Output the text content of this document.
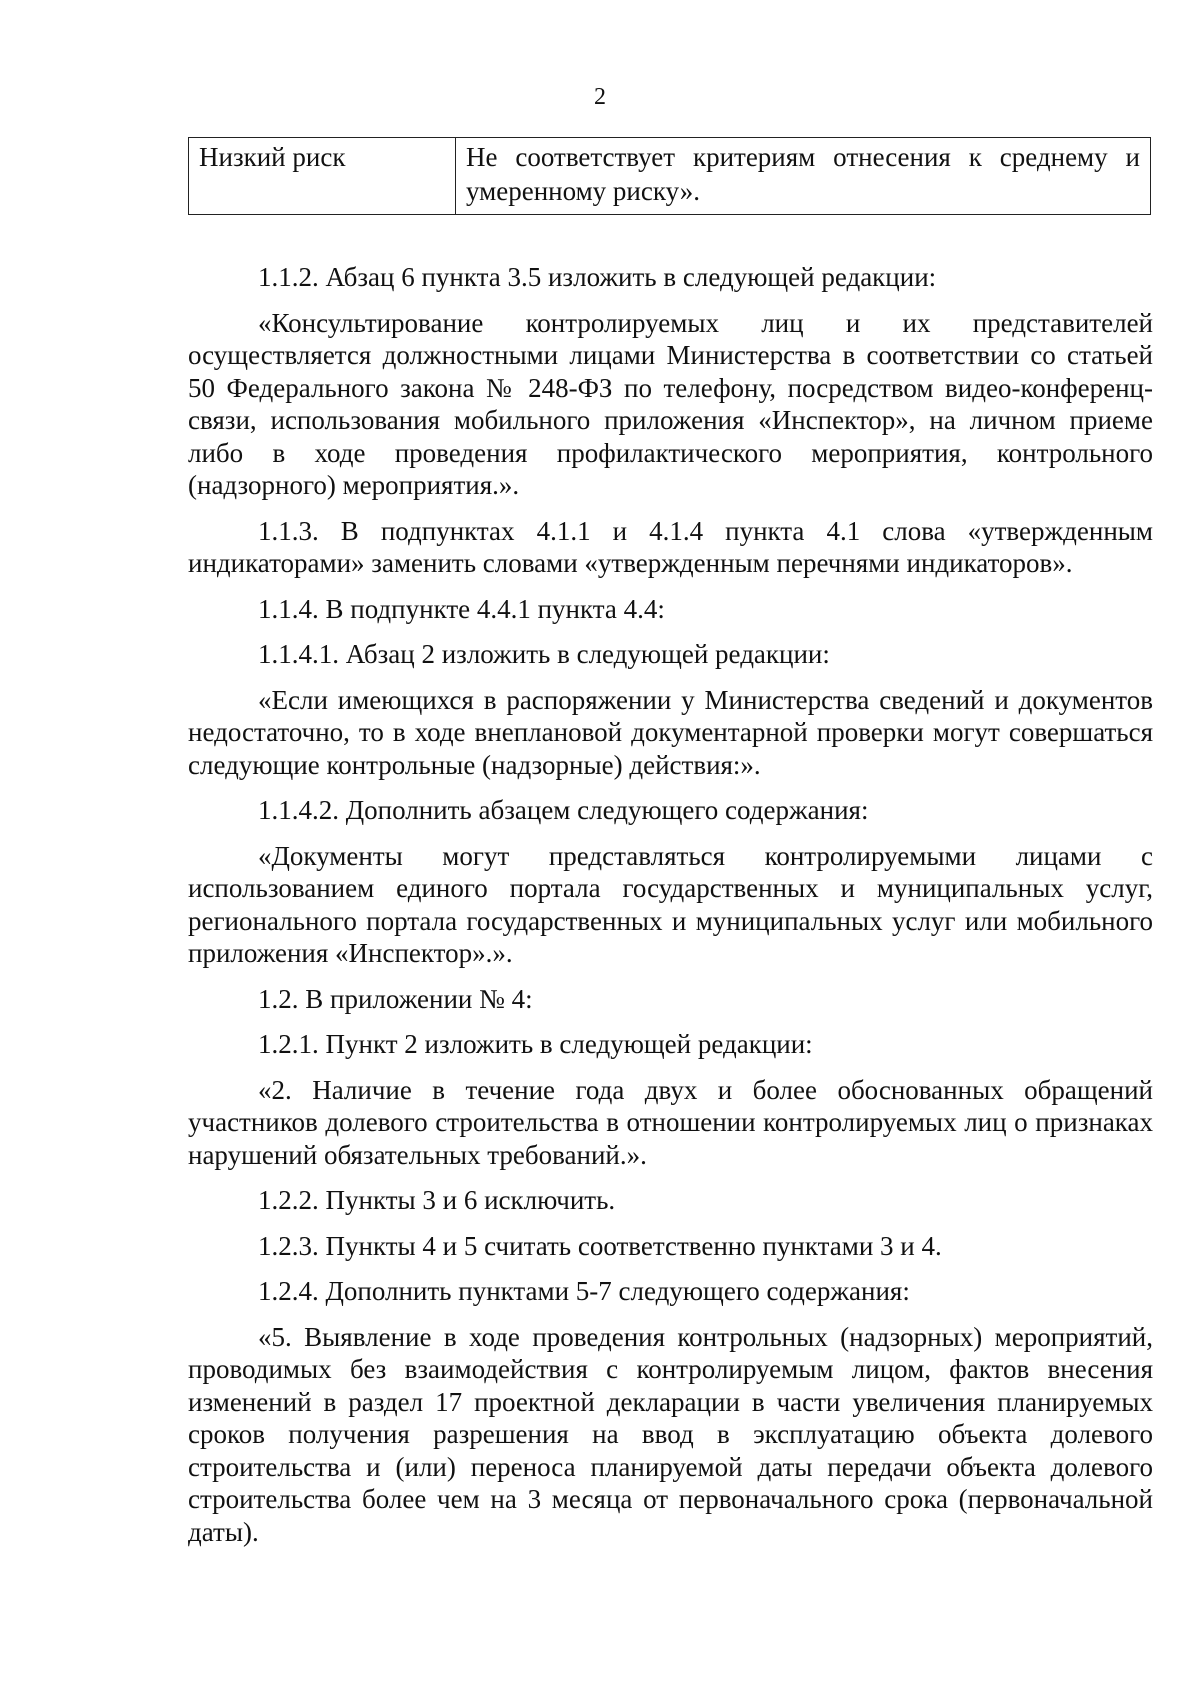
2
Низкий риск	Не соответствует критериям отнесения к среднему и умеренному риску».

1.1.2. Абзац 6 пункта 3.5 изложить в следующей редакции:

«Консультирование контролируемых лиц и их представителей осуществляется должностными лицами Министерства в соответствии со статьей 50 Федерального закона № 248-ФЗ по телефону, посредством видео-конференц-связи, использования мобильного приложения «Инспектор», на личном приеме либо в ходе проведения профилактического мероприятия, контрольного (надзорного) мероприятия.».

1.1.3. В подпунктах 4.1.1 и 4.1.4 пункта 4.1 слова «утвержденным индикаторами» заменить словами «утвержденным перечнями индикаторов».

1.1.4. В подпункте 4.4.1 пункта 4.4:

1.1.4.1. Абзац 2 изложить в следующей редакции:

«Если имеющихся в распоряжении у Министерства сведений и документов недостаточно, то в ходе внеплановой документарной проверки могут совершаться следующие контрольные (надзорные) действия:».

1.1.4.2. Дополнить абзацем следующего содержания:

«Документы могут представляться контролируемыми лицами с использованием единого портала государственных и муниципальных услуг, регионального портала государственных и муниципальных услуг или мобильного приложения «Инспектор».».

1.2. В приложении № 4:

1.2.1. Пункт 2 изложить в следующей редакции:

«2. Наличие в течение года двух и более обоснованных обращений участников долевого строительства в отношении контролируемых лиц о признаках нарушений обязательных требований.».

1.2.2. Пункты 3 и 6 исключить.

1.2.3. Пункты 4 и 5 считать соответственно пунктами 3 и 4.

1.2.4. Дополнить пунктами 5-7 следующего содержания:

«5. Выявление в ходе проведения контрольных (надзорных) мероприятий, проводимых без взаимодействия с контролируемым лицом, фактов внесения изменений в раздел 17 проектной декларации в части увеличения планируемых сроков получения разрешения на ввод в эксплуатацию объекта долевого строительства и (или) переноса планируемой даты передачи объекта долевого строительства более чем на 3 месяца от первоначального срока (первоначальной даты).
